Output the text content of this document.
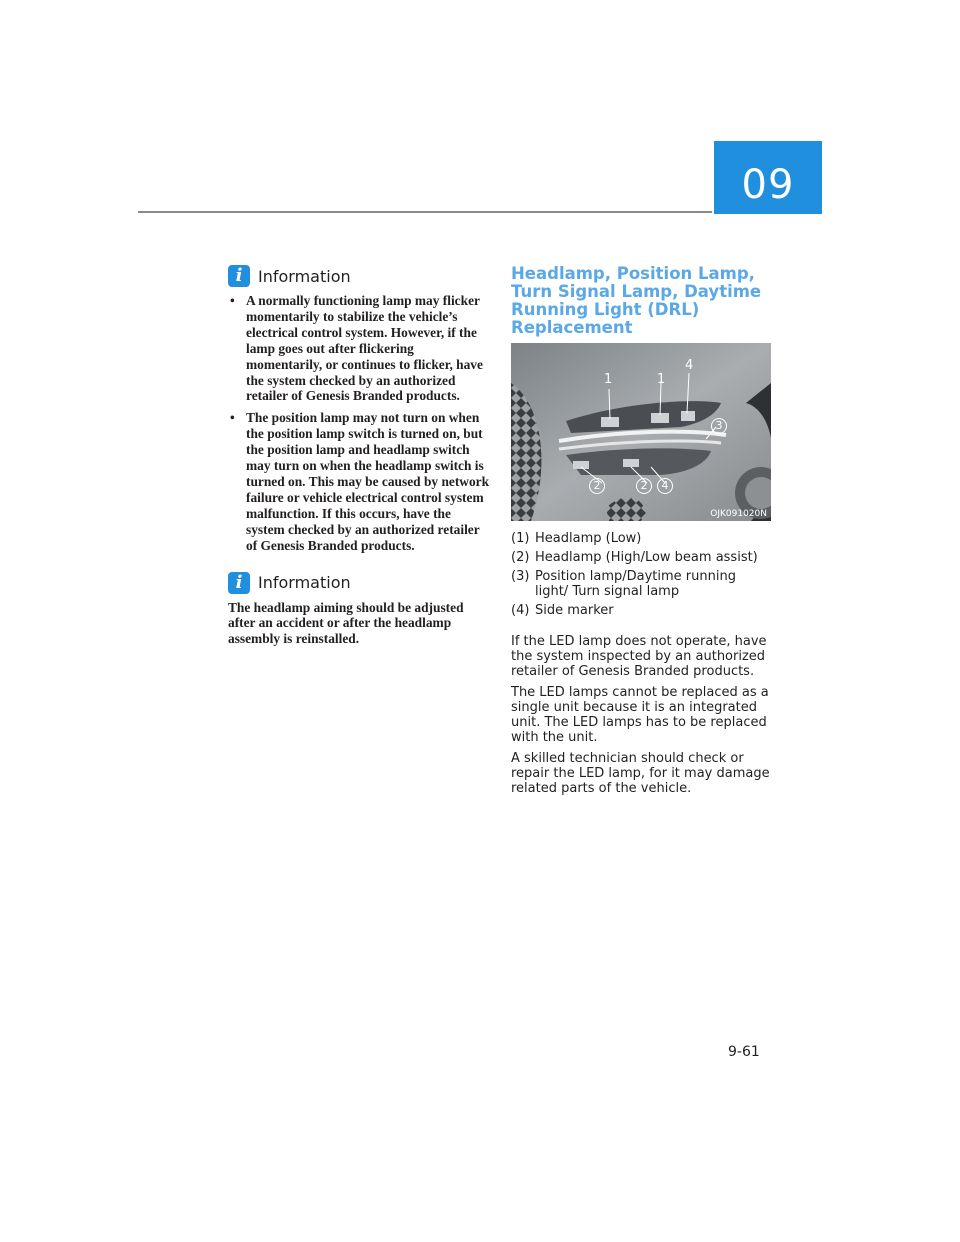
09
i Information
• A normally functioning lamp may flicker momentarily to stabilize the vehicle’s electrical control system. However, if the lamp goes out after flickering momentarily, or continues to flicker, have the system checked by an authorized retailer of Genesis Branded products.
• The position lamp may not turn on when the position lamp switch is turned on, but the position lamp and headlamp switch may turn on when the headlamp switch is turned on. This may be caused by network failure or vehicle electrical control system malfunction. If this occurs, have the system checked by an authorized retailer of Genesis Branded products.
i Information
The headlamp aiming should be adjusted after an accident or after the headlamp assembly is reinstalled.
Headlamp, Position Lamp, Turn Signal Lamp, Daytime Running Light (DRL) Replacement
1	1
4
3
2	2	4
OJK091020N
(1) Headlamp (Low)
(2) Headlamp (High/Low beam assist)
(3) Position lamp/Daytime running light/ Turn signal lamp
(4) Side marker

If the LED lamp does not operate, have the system inspected by an authorized retailer of Genesis Branded products.

The LED lamps cannot be replaced as a single unit because it is an integrated unit. The LED lamps has to be replaced with the unit.

A skilled technician should check or repair the LED lamp, for it may damage related parts of the vehicle.

9-61
